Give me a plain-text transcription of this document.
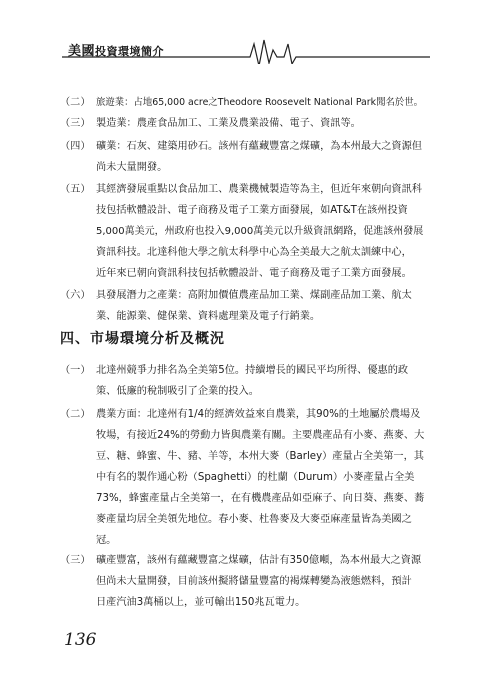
美國投資環境簡介
（二） 旅遊業：占地65,000 acre之Theodore Roosevelt National Park聞名於世。

（三） 製造業：農產食品加工、工業及農業設備、電子、資訊等。

（四） 礦業：石灰、建築用砂石。該州有蘊藏豐富之煤礦，為本州最大之資源但

尚未大量開發。

（五） 其經濟發展重點以食品加工、農業機械製造等為主，但近年來朝向資訊科

技包括軟體設計、電子商務及電子工業方面發展，如AT&T在該州投資

5,000萬美元，州政府也投入9,000萬美元以升級資訊網路，促進該州發展

資訊科技。北達科他大學之航太科學中心為全美最大之航太訓練中心，

近年來已朝向資訊科技包括軟體設計、電子商務及電子工業方面發展。

（六） 具發展潛力之產業：高附加價值農產品加工業、煤副產品加工業、航太

業、能源業、健保業、資料處理業及電子行銷業。

四、市場環境分析及概況
（一） 北達州競爭力排名為全美第5位。持續增長的國民平均所得、優惠的政

策、低廉的稅制吸引了企業的投入。

（二） 農業方面：北達州有1/4的經濟效益來自農業，其90%的土地屬於農場及

牧場，有接近24%的勞動力皆與農業有關。主要農產品有小麥、燕麥、大

豆、糖、蜂蜜、牛、豬、羊等，本州大麥（Barley）產量占全美第一，其

中有名的製作通心粉（Spaghetti）的杜蘭（Durum）小麥產量占全美

73%，蜂蜜產量占全美第一，在有機農產品如亞麻子、向日葵、燕麥、蕎

麥產量均居全美領先地位。春小麥、杜魯麥及大麥亞麻產量皆為美國之

冠。

（三） 礦產豐富，該州有蘊藏豐富之煤礦，估計有350億噸，為本州最大之資源

但尚未大量開發，目前該州擬將儲量豐富的褐煤轉變為液態燃料，預計

日產汽油3萬桶以上，並可輸出150兆瓦電力。

136
